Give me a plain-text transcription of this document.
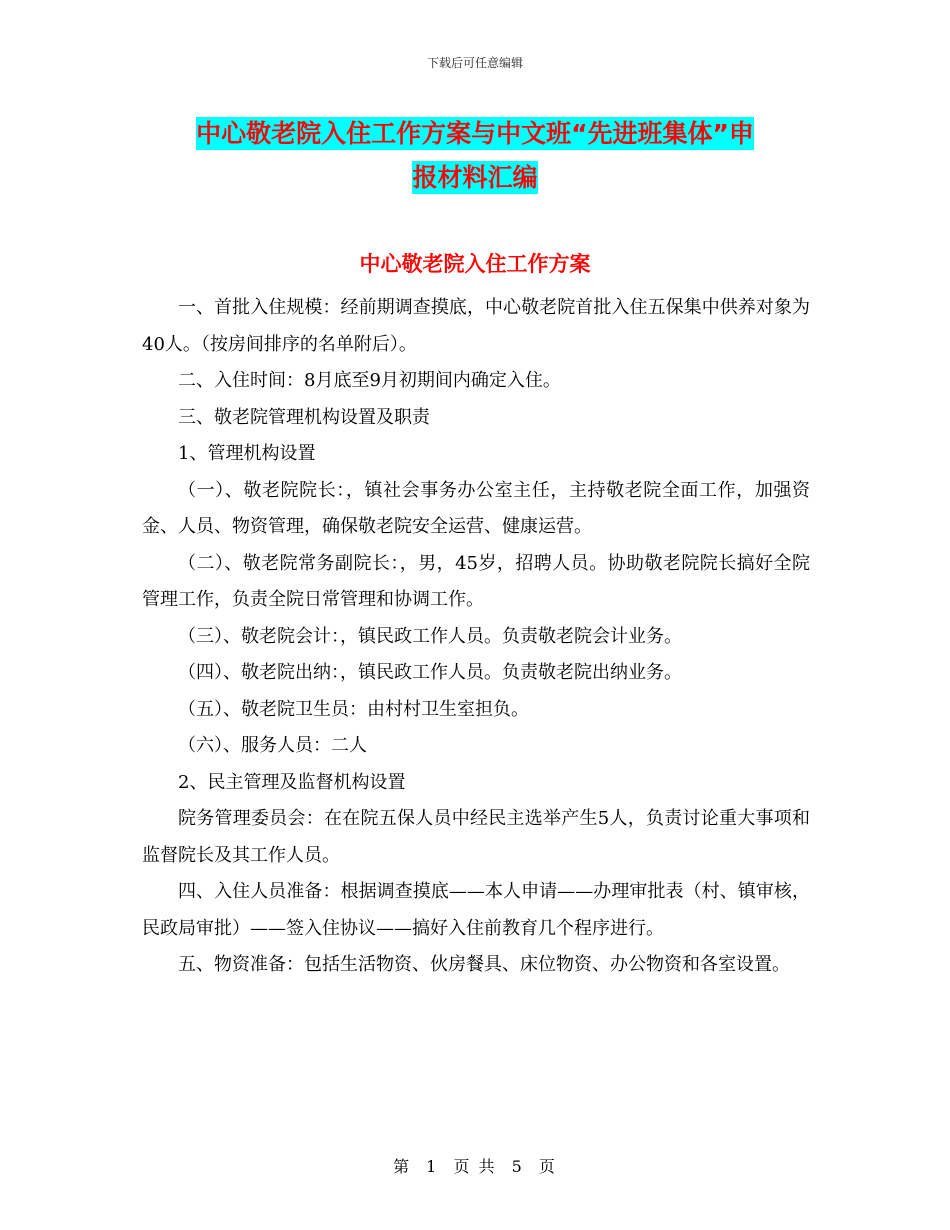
下载后可任意编辑
中心敬老院入住工作方案与中文班“先进班集体”申
报材料汇编
中心敬老院入住工作方案

一、首批入住规模：经前期调查摸底，中心敬老院首批入住五保集中供养对象为40人。（按房间排序的名单附后）。

二、入住时间：8月底至9月初期间内确定入住。

三、敬老院管理机构设置及职责

1、管理机构设置

（一）、敬老院院长：，镇社会事务办公室主任，主持敬老院全面工作，加强资金、人员、物资管理，确保敬老院安全运营、健康运营。

（二）、敬老院常务副院长：，男，45岁，招聘人员。协助敬老院院长搞好全院管理工作，负责全院日常管理和协调工作。

（三）、敬老院会计：，镇民政工作人员。负责敬老院会计业务。

（四）、敬老院出纳：，镇民政工作人员。负责敬老院出纳业务。

（五）、敬老院卫生员：由村村卫生室担负。

（六）、服务人员：二人

2、民主管理及监督机构设置

院务管理委员会：在在院五保人员中经民主选举产生5人，负责讨论重大事项和监督院长及其工作人员。

四、入住人员准备：根据调查摸底——本人申请——办理审批表（村、镇审核，民政局审批）——签入住协议——搞好入住前教育几个程序进行。

五、物资准备：包括生活物资、伙房餐具、床位物资、办公物资和各室设置。

第 1 页 共 5 页
